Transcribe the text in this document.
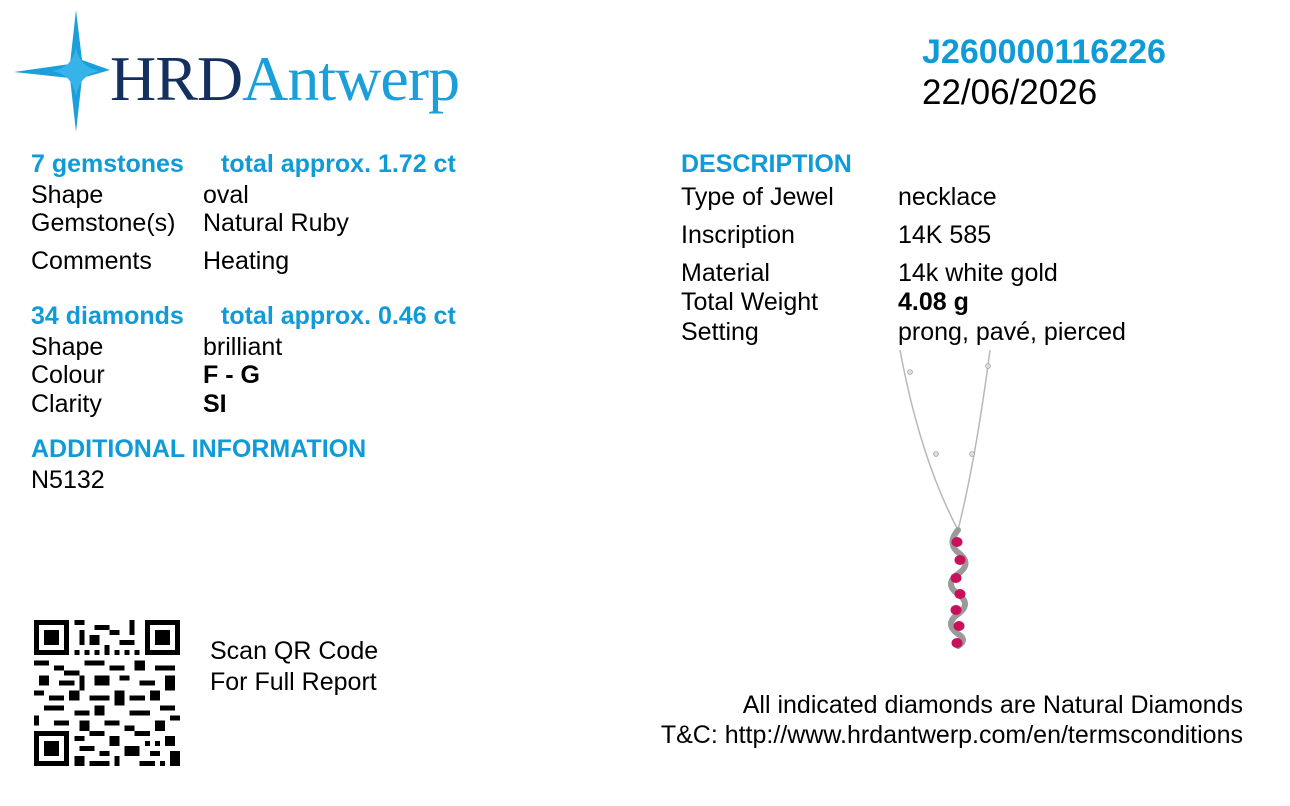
HRDAntwerp	J260000116226
22/06/2026
7 gemstones total approx. 1.72 ct
Shape	oval
Gemstone(s) Natural Ruby
Comments Heating
34 diamonds total approx. 0.46 ct
Shape	brilliant
Colour	F - G
Clarity	SI
ADDITIONAL INFORMATION
N5132
DESCRIPTION
Type of Jewel	necklace
Inscription	14K 585
Material	14k white gold
Total Weight	4.08 g
Setting	prong, pavé, pierced
Scan QR Code
For Full Report
All indicated diamonds are Natural Diamonds
T&C: http://www.hrdantwerp.com/en/termsconditions
